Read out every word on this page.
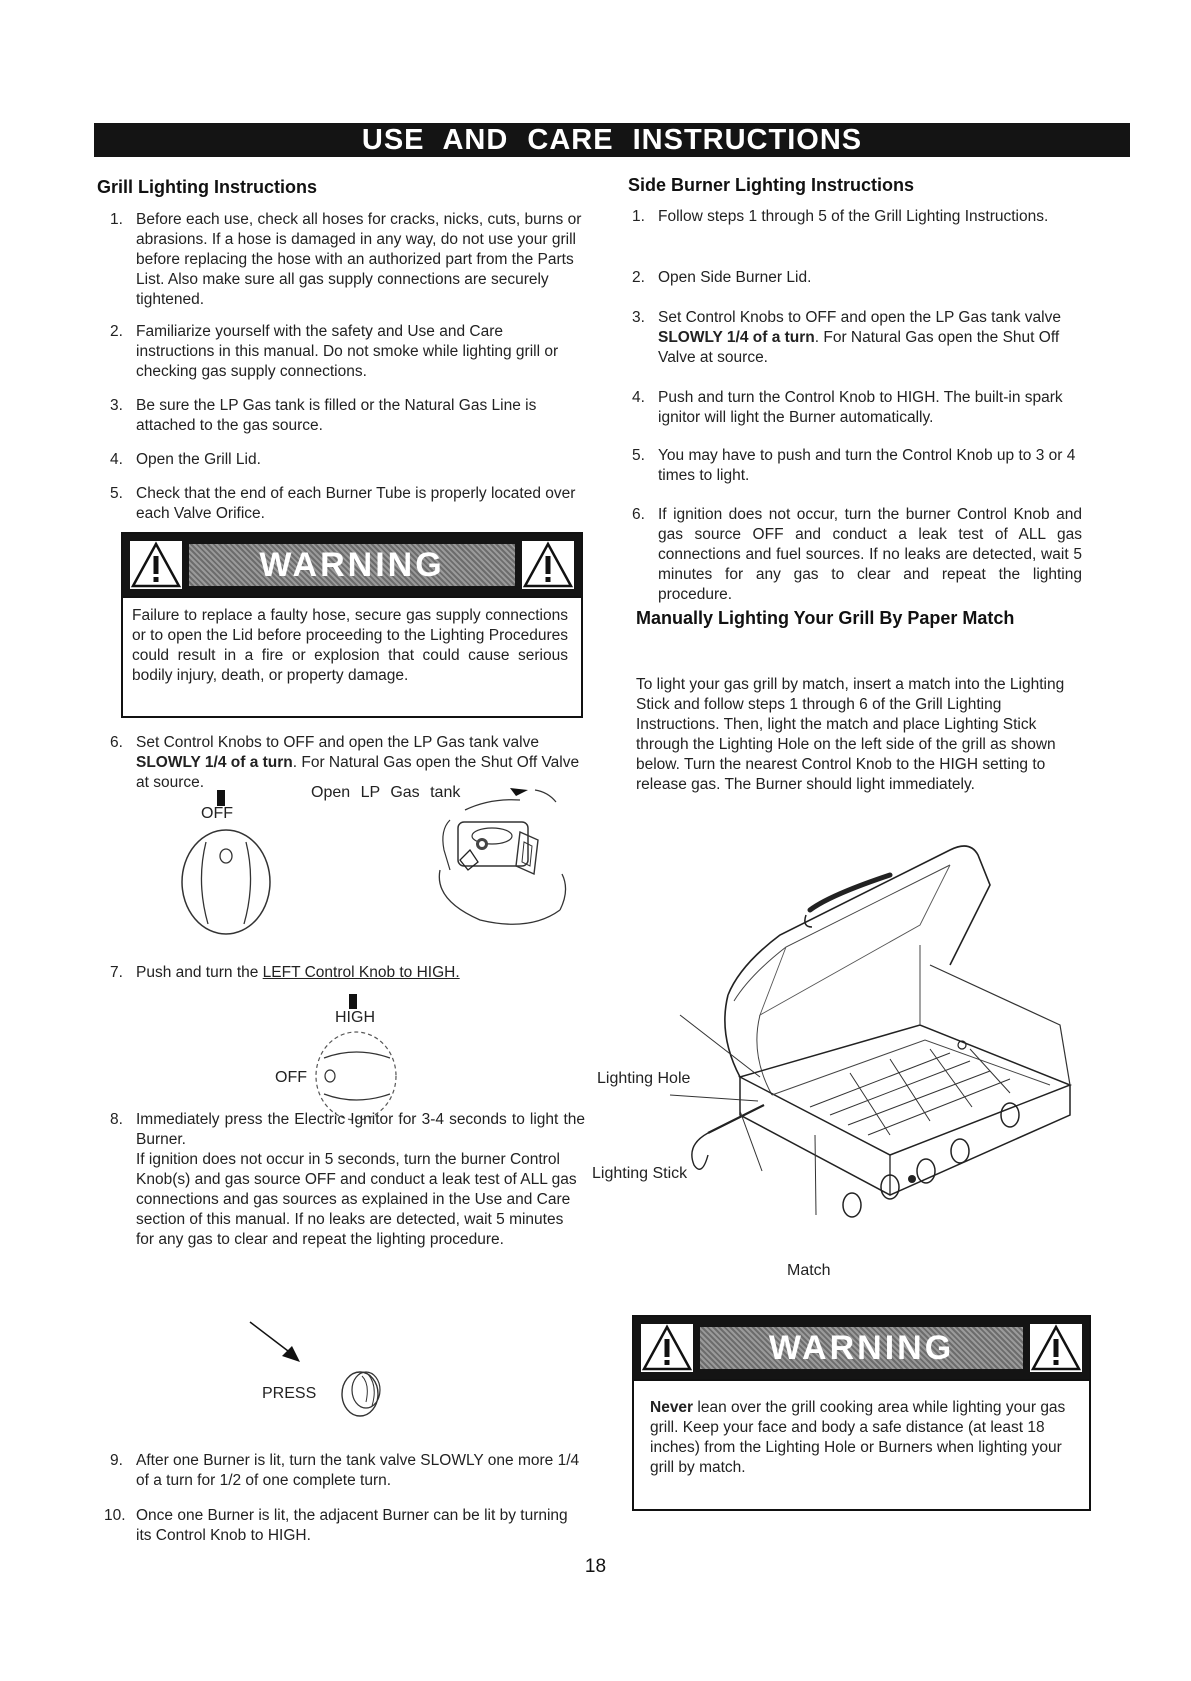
USE AND CARE INSTRUCTIONS
Grill Lighting Instructions
1. Before each use, check all hoses for cracks, nicks, cuts, burns or abrasions. If a hose is damaged in any way, do not use your grill before replacing the hose with an authorized part from the Parts List. Also make sure all gas supply connections are securely tightened.
2. Familiarize yourself with the safety and Use and Care instructions in this manual. Do not smoke while lighting grill or checking gas supply connections.
3. Be sure the LP Gas tank is filled or the Natural Gas Line is attached to the gas source.
4. Open the Grill Lid.
5. Check that the end of each Burner Tube is properly located over each Valve Orifice.
WARNING
Failure to replace a faulty hose, secure gas supply connections or to open the Lid before proceeding to the Lighting Procedures could result in a fire or explosion that could cause serious bodily injury, death, or property damage.
6. Set Control Knobs to OFF and open the LP Gas tank valve SLOWLY 1/4 of a turn. For Natural Gas open the Shut Off Valve at source.
OFF
Open LP Gas tank
7. Push and turn the LEFT Control Knob to HIGH.
HIGH
OFF
8. Immediately press the Electric Ignitor for 3-4 seconds to light the Burner.
If ignition does not occur in 5 seconds, turn the burner Control Knob(s) and gas source OFF and conduct a leak test of ALL gas connections and gas sources as explained in the Use and Care section of this manual. If no leaks are detected, wait 5 minutes for any gas to clear and repeat the lighting procedure.
PRESS
9. After one Burner is lit, turn the tank valve SLOWLY one more 1/4 of a turn for 1/2 of one complete turn.
10. Once one Burner is lit, the adjacent Burner can be lit by turning its Control Knob to HIGH.
Side Burner Lighting Instructions
1. Follow steps 1 through 5 of the Grill Lighting Instructions.
2. Open Side Burner Lid.
3. Set Control Knobs to OFF and open the LP Gas tank valve SLOWLY 1/4 of a turn. For Natural Gas open the Shut Off Valve at source.
4. Push and turn the Control Knob to HIGH. The built-in spark ignitor will light the Burner automatically.
5. You may have to push and turn the Control Knob up to 3 or 4 times to light.
6. If ignition does not occur, turn the burner Control Knob and gas source OFF and conduct a leak test of ALL gas connections and fuel sources. If no leaks are detected, wait 5 minutes for any gas to clear and repeat the lighting procedure.
Manually Lighting Your Grill By Paper Match
To light your gas grill by match, insert a match into the Lighting Stick and follow steps 1 through 6 of the Grill Lighting Instructions. Then, light the match and place Lighting Stick through the Lighting Hole on the left side of the grill as shown below. Turn the nearest Control Knob to the HIGH setting to release gas. The Burner should light immediately.
Lighting Hole
Lighting Stick
Match
WARNING
Never lean over the grill cooking area while lighting your gas grill. Keep your face and body a safe distance (at least 18 inches) from the Lighting Hole or Burners when lighting your grill by match.
18
